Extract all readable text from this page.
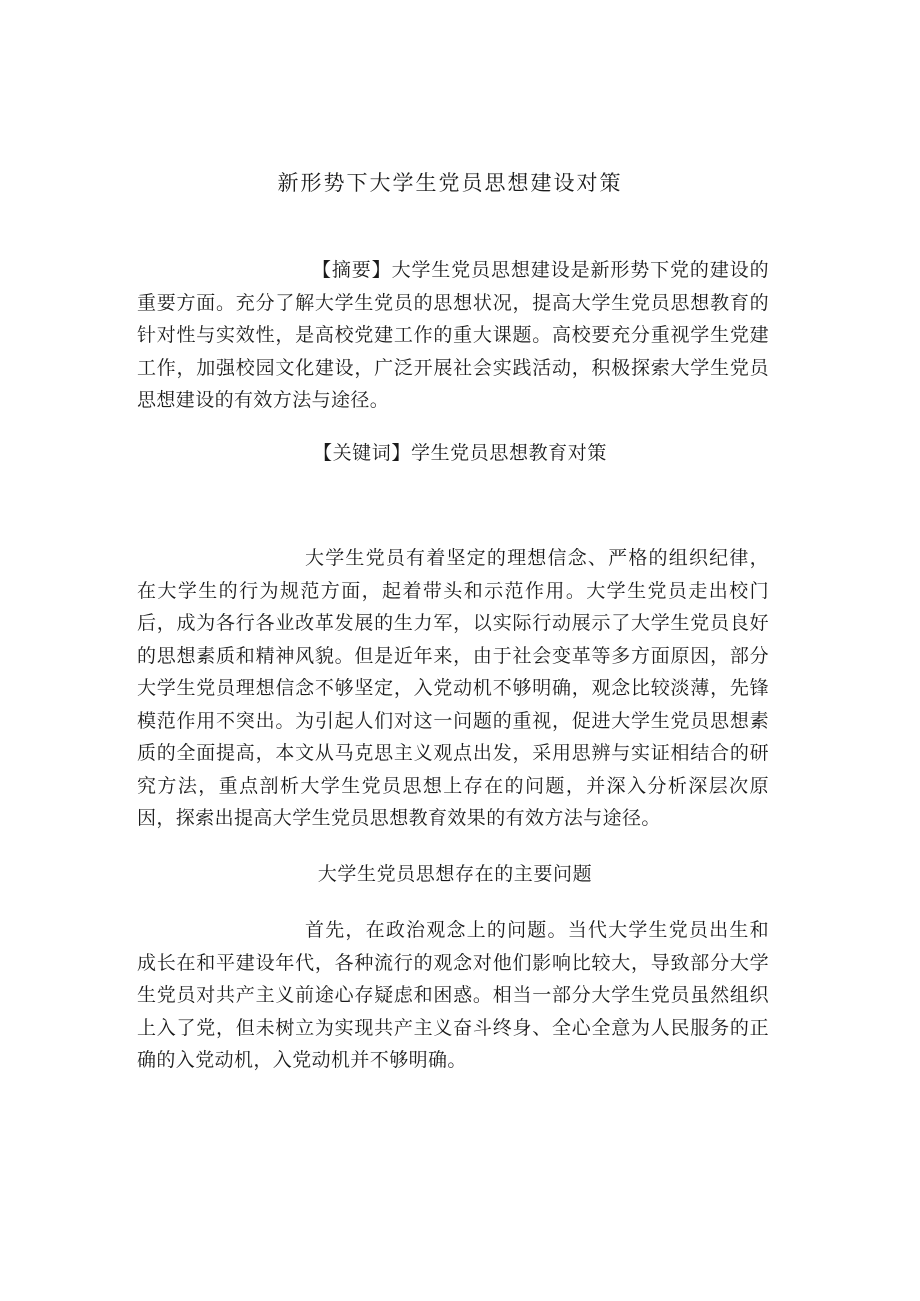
新形势下大学生党员思想建设对策

【摘要】大学生党员思想建设是新形势下党的建设的重要方面。充分了解大学生党员的思想状况，提高大学生党员思想教育的针对性与实效性，是高校党建工作的重大课题。高校要充分重视学生党建工作，加强校园文化建设，广泛开展社会实践活动，积极探索大学生党员思想建设的有效方法与途径。

【关键词】学生党员思想教育对策

大学生党员有着坚定的理想信念、严格的组织纪律，在大学生的行为规范方面，起着带头和示范作用。大学生党员走出校门后，成为各行各业改革发展的生力军，以实际行动展示了大学生党员良好的思想素质和精神风貌。但是近年来，由于社会变革等多方面原因，部分大学生党员理想信念不够坚定，入党动机不够明确，观念比较淡薄，先锋模范作用不突出。为引起人们对这一问题的重视，促进大学生党员思想素质的全面提高，本文从马克思主义观点出发，采用思辨与实证相结合的研究方法，重点剖析大学生党员思想上存在的问题，并深入分析深层次原因，探索出提高大学生党员思想教育效果的有效方法与途径。

大学生党员思想存在的主要问题

首先，在政治观念上的问题。当代大学生党员出生和成长在和平建设年代，各种流行的观念对他们影响比较大，导致部分大学生党员对共产主义前途心存疑虑和困惑。相当一部分大学生党员虽然组织上入了党，但未树立为实现共产主义奋斗终身、全心全意为人民服务的正确的入党动机，入党动机并不够明确。
